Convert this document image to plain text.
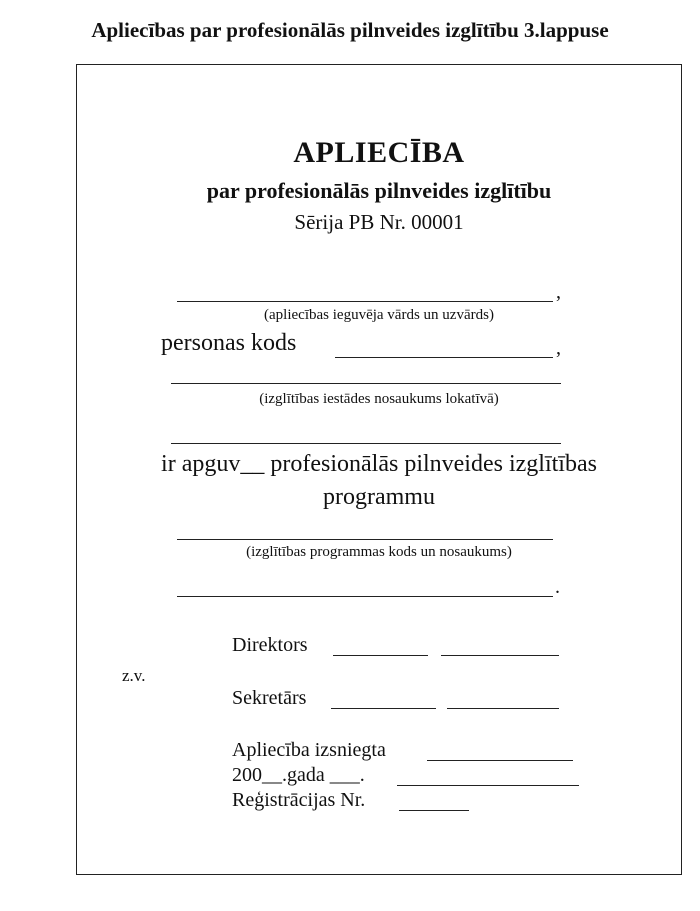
Apliecības par profesionālās pilnveides izglītību 3.lappuse
APLIECĪBA
par profesionālās pilnveides izglītību
Sērija PB Nr. 00001
,
(apliecības ieguvēja vārds un uzvārds)
personas kods	,
(izglītības iestādes nosaukums lokatīvā)
ir apguv__ profesionālās pilnveides izglītības
programmu
(izglītības programmas kods un nosaukums)
.
Direktors
z.v.
Sekretārs
Apliecība izsniegta
200__.gada ___.
Reģistrācijas Nr.
